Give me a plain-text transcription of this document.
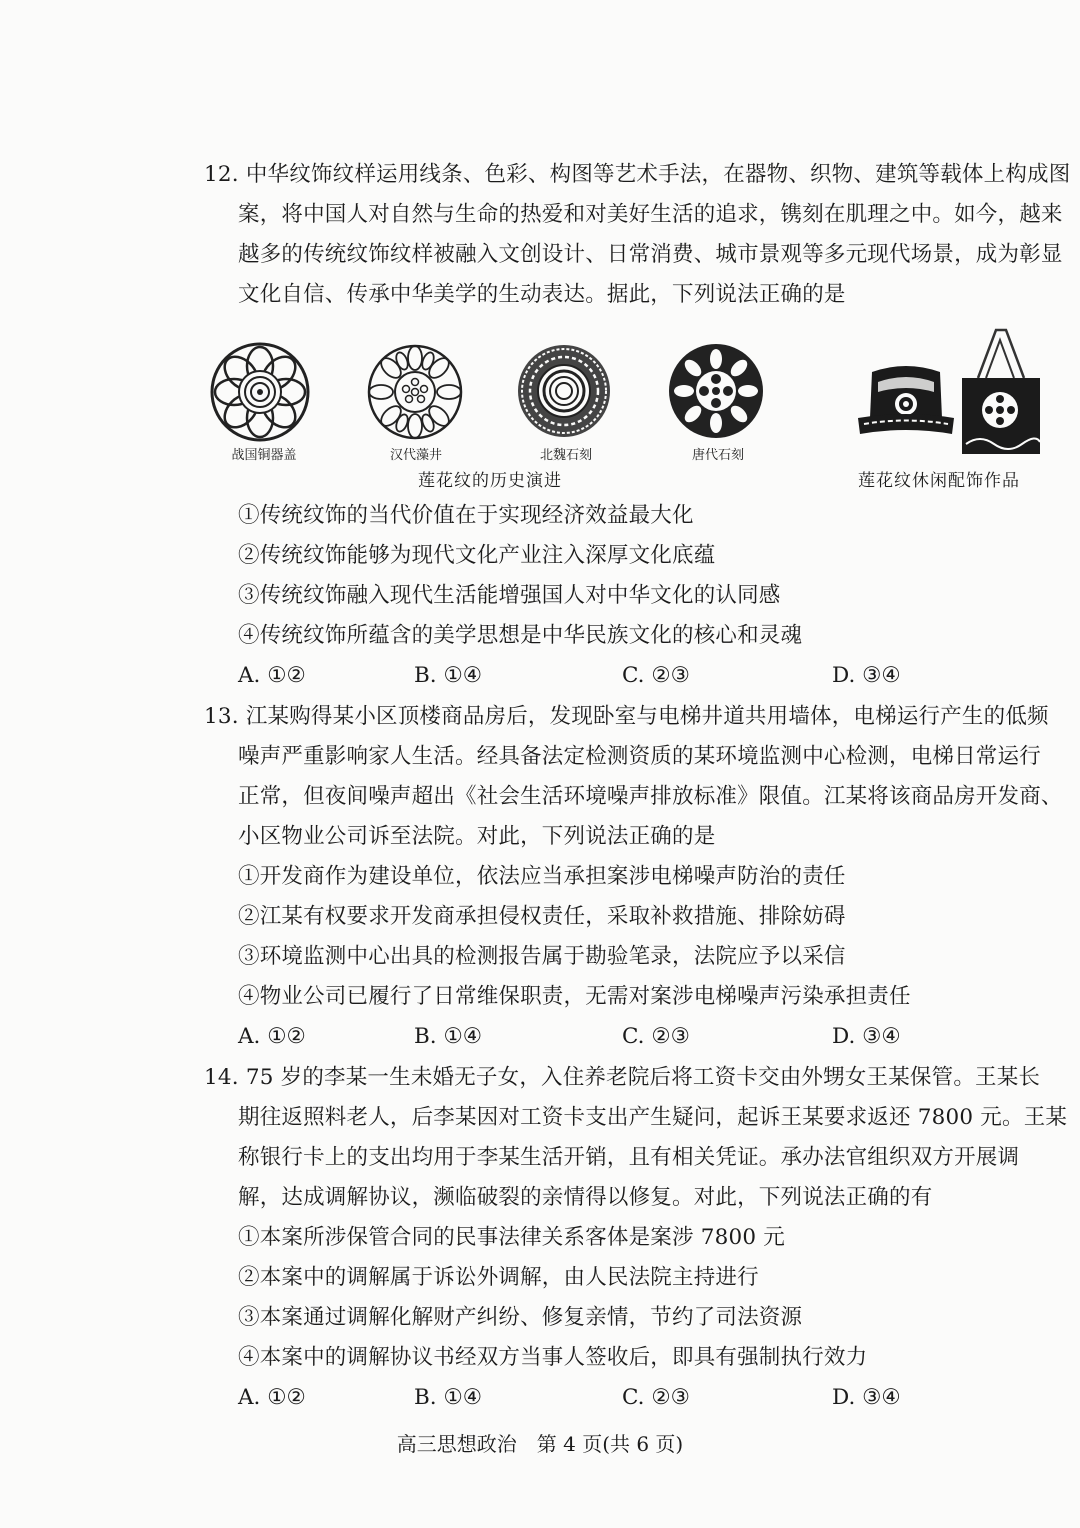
12. 中华纹饰纹样运用线条、色彩、构图等艺术手法，在器物、织物、建筑等载体上构成图
案，将中国人对自然与生命的热爱和对美好生活的追求，镌刻在肌理之中。如今，越来
越多的传统纹饰纹样被融入文创设计、日常消费、城市景观等多元现代场景，成为彰显
文化自信、传承中华美学的生动表达。据此，下列说法正确的是
战国铜器盖	汉代藻井	北魏石刻	唐代石刻
莲花纹的历史演进	莲花纹休闲配饰作品
①传统纹饰的当代价值在于实现经济效益最大化
②传统纹饰能够为现代文化产业注入深厚文化底蕴
③传统纹饰融入现代生活能增强国人对中华文化的认同感
④传统纹饰所蕴含的美学思想是中华民族文化的核心和灵魂
A. ①②	B. ①④	C. ②③	D. ③④
13. 江某购得某小区顶楼商品房后，发现卧室与电梯井道共用墙体，电梯运行产生的低频
噪声严重影响家人生活。经具备法定检测资质的某环境监测中心检测，电梯日常运行
正常，但夜间噪声超出《社会生活环境噪声排放标准》限值。江某将该商品房开发商、
小区物业公司诉至法院。对此，下列说法正确的是
①开发商作为建设单位，依法应当承担案涉电梯噪声防治的责任
②江某有权要求开发商承担侵权责任，采取补救措施、排除妨碍
③环境监测中心出具的检测报告属于勘验笔录，法院应予以采信
④物业公司已履行了日常维保职责，无需对案涉电梯噪声污染承担责任
A. ①②	B. ①④	C. ②③	D. ③④
14. 75 岁的李某一生未婚无子女，入住养老院后将工资卡交由外甥女王某保管。王某长
期往返照料老人，后李某因对工资卡支出产生疑问，起诉王某要求返还 7800 元。王某
称银行卡上的支出均用于李某生活开销，且有相关凭证。承办法官组织双方开展调
解，达成调解协议，濒临破裂的亲情得以修复。对此，下列说法正确的有
①本案所涉保管合同的民事法律关系客体是案涉 7800 元
②本案中的调解属于诉讼外调解，由人民法院主持进行
③本案通过调解化解财产纠纷、修复亲情，节约了司法资源
④本案中的调解协议书经双方当事人签收后，即具有强制执行效力
A. ①②	B. ①④	C. ②③	D. ③④
高三思想政治　第 4 页(共 6 页)
